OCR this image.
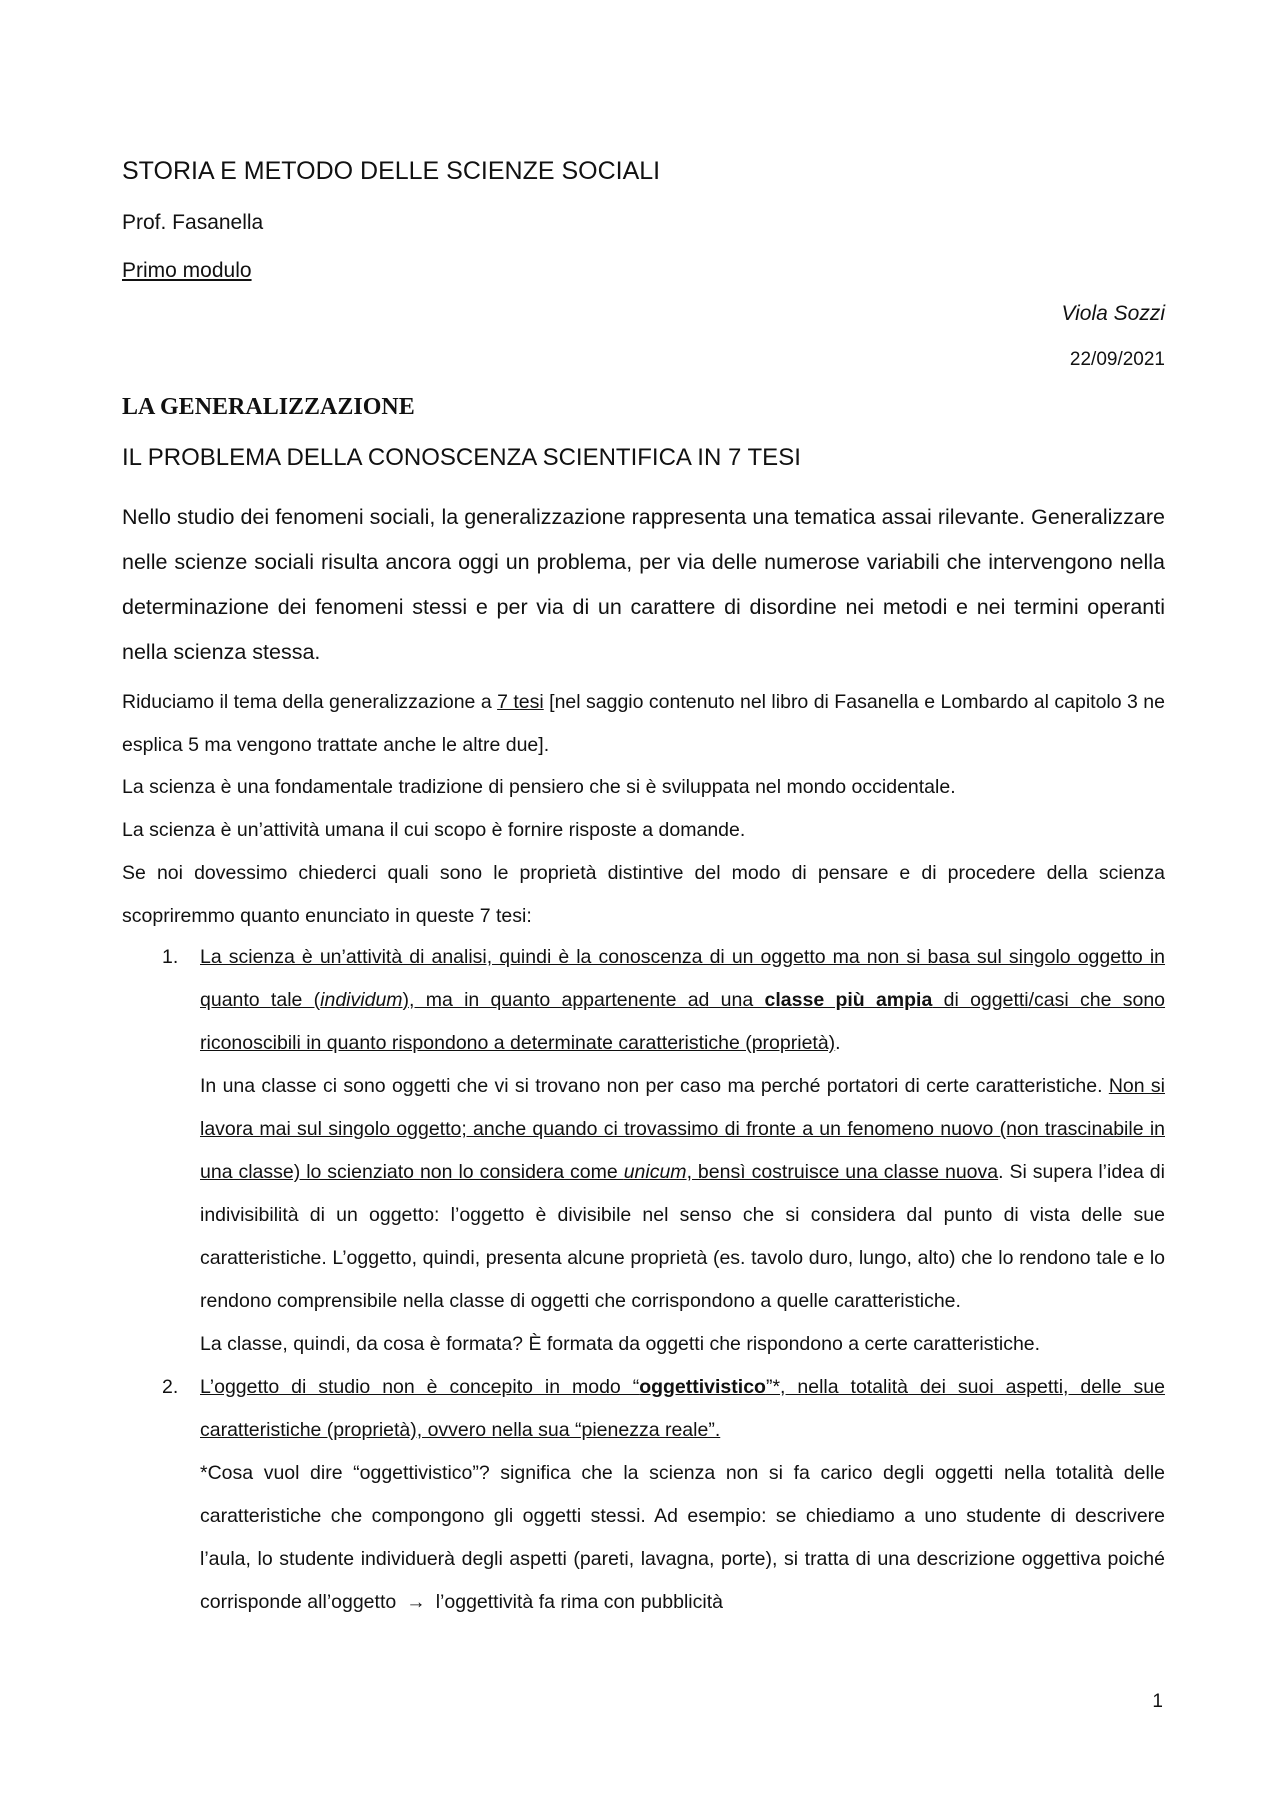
STORIA E METODO DELLE SCIENZE SOCIALI
Prof. Fasanella
Primo modulo
Viola Sozzi
22/09/2021
LA GENERALIZZAZIONE
IL PROBLEMA DELLA CONOSCENZA SCIENTIFICA IN 7 TESI
Nello studio dei fenomeni sociali, la generalizzazione rappresenta una tematica assai rilevante. Generalizzare nelle scienze sociali risulta ancora oggi un problema, per via delle numerose variabili che intervengono nella determinazione dei fenomeni stessi e per via di un carattere di disordine nei metodi e nei termini operanti nella scienza stessa.
Riduciamo il tema della generalizzazione a 7 tesi [nel saggio contenuto nel libro di Fasanella e Lombardo al capitolo 3 ne esplica 5 ma vengono trattate anche le altre due].
La scienza è una fondamentale tradizione di pensiero che si è sviluppata nel mondo occidentale.
La scienza è un’attività umana il cui scopo è fornire risposte a domande.
Se noi dovessimo chiederci quali sono le proprietà distintive del modo di pensare e di procedere della scienza scopriremmo quanto enunciato in queste 7 tesi:
1. La scienza è un’attività di analisi, quindi è la conoscenza di un oggetto ma non si basa sul singolo oggetto in quanto tale (individum), ma in quanto appartenente ad una classe più ampia di oggetti/casi che sono riconoscibili in quanto rispondono a determinate caratteristiche (proprietà).
In una classe ci sono oggetti che vi si trovano non per caso ma perché portatori di certe caratteristiche. Non si lavora mai sul singolo oggetto; anche quando ci trovassimo di fronte a un fenomeno nuovo (non trascinabile in una classe) lo scienziato non lo considera come unicum, bensì costruisce una classe nuova. Si supera l’idea di indivisibilità di un oggetto: l’oggetto è divisibile nel senso che si considera dal punto di vista delle sue caratteristiche. L’oggetto, quindi, presenta alcune proprietà (es. tavolo duro, lungo, alto) che lo rendono tale e lo rendono comprensibile nella classe di oggetti che corrispondono a quelle caratteristiche.
La classe, quindi, da cosa è formata? È formata da oggetti che rispondono a certe caratteristiche.
2. L’oggetto di studio non è concepito in modo “oggettivistico”*, nella totalità dei suoi aspetti, delle sue caratteristiche (proprietà), ovvero nella sua “pienezza reale”.
*Cosa vuol dire “oggettivistico”? significa che la scienza non si fa carico degli oggetti nella totalità delle caratteristiche che compongono gli oggetti stessi. Ad esempio: se chiediamo a uno studente di descrivere l’aula, lo studente individuerà degli aspetti (pareti, lavagna, porte), si tratta di una descrizione oggettiva poiché corrisponde all’oggetto → l’oggettività fa rima con pubblicità
1
